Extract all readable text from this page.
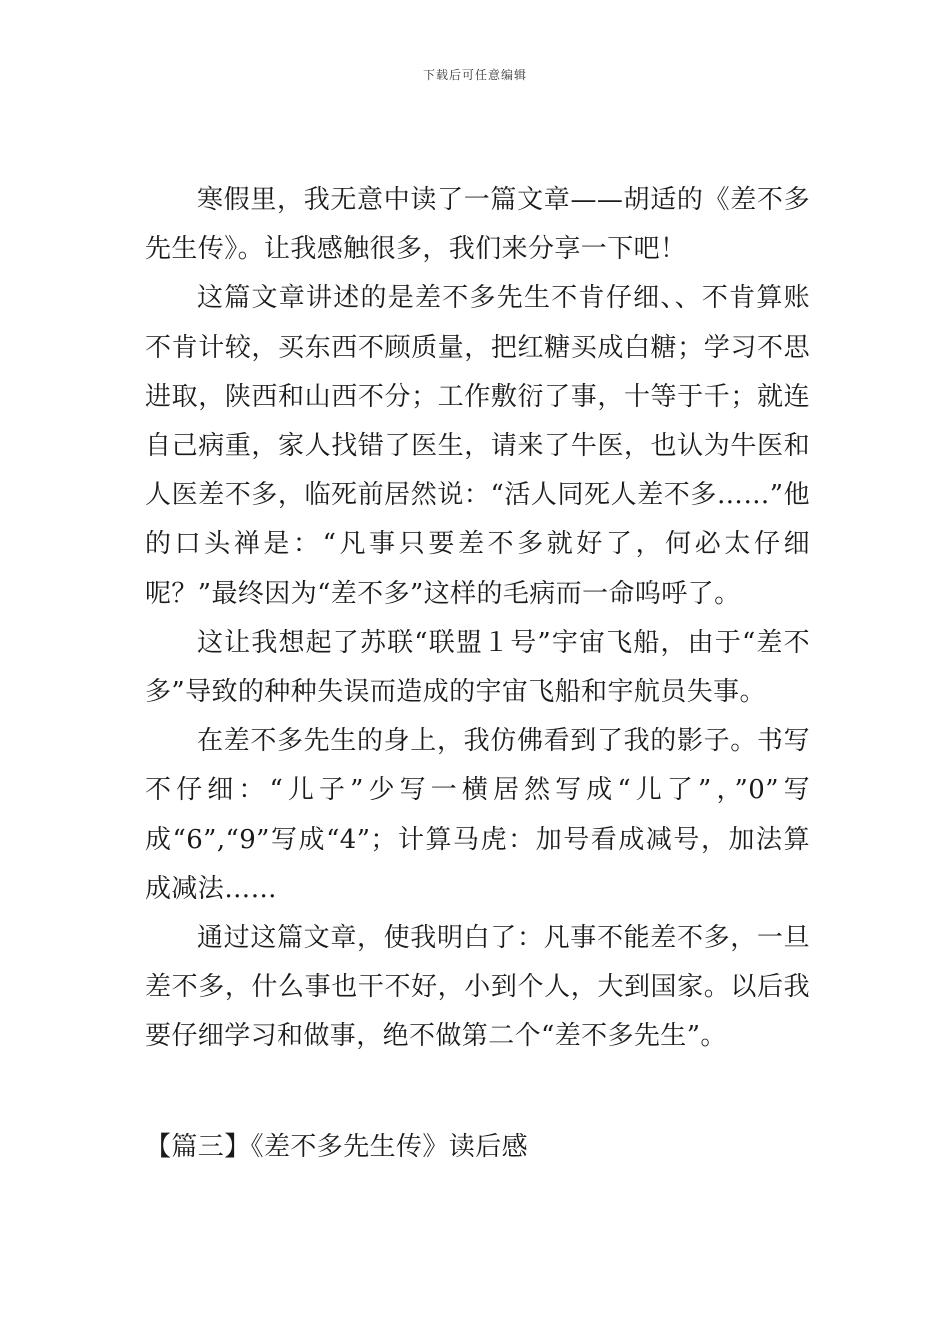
下载后可任意编辑

寒假里，我无意中读了一篇文章——胡适的《差不多先生传》。让我感触很多，我们来分享一下吧！

这篇文章讲述的是差不多先生不肯仔细、、不肯算账不肯计较，买东西不顾质量，把红糖买成白糖；学习不思进取，陕西和山西不分；工作敷衍了事，十等于千；就连自己病重，家人找错了医生，请来了牛医，也认为牛医和人医差不多，临死前居然说：“活人同死人差不多……”他的口头禅是：“凡事只要差不多就好了，何必太仔细呢？”最终因为“差不多”这样的毛病而一命呜呼了。

这让我想起了苏联“联盟１号”宇宙飞船，由于“差不多”导致的种种失误而造成的宇宙飞船和宇航员失事。

在差不多先生的身上，我仿佛看到了我的影子。书写不仔细：“儿子”少写一横居然写成“儿了”，”0”写成“6”,“9”写成“4”；计算马虎：加号看成减号，加法算成减法……

通过这篇文章，使我明白了：凡事不能差不多，一旦差不多，什么事也干不好，小到个人，大到国家。以后我要仔细学习和做事，绝不做第二个“差不多先生”。

【篇三】《差不多先生传》读后感
